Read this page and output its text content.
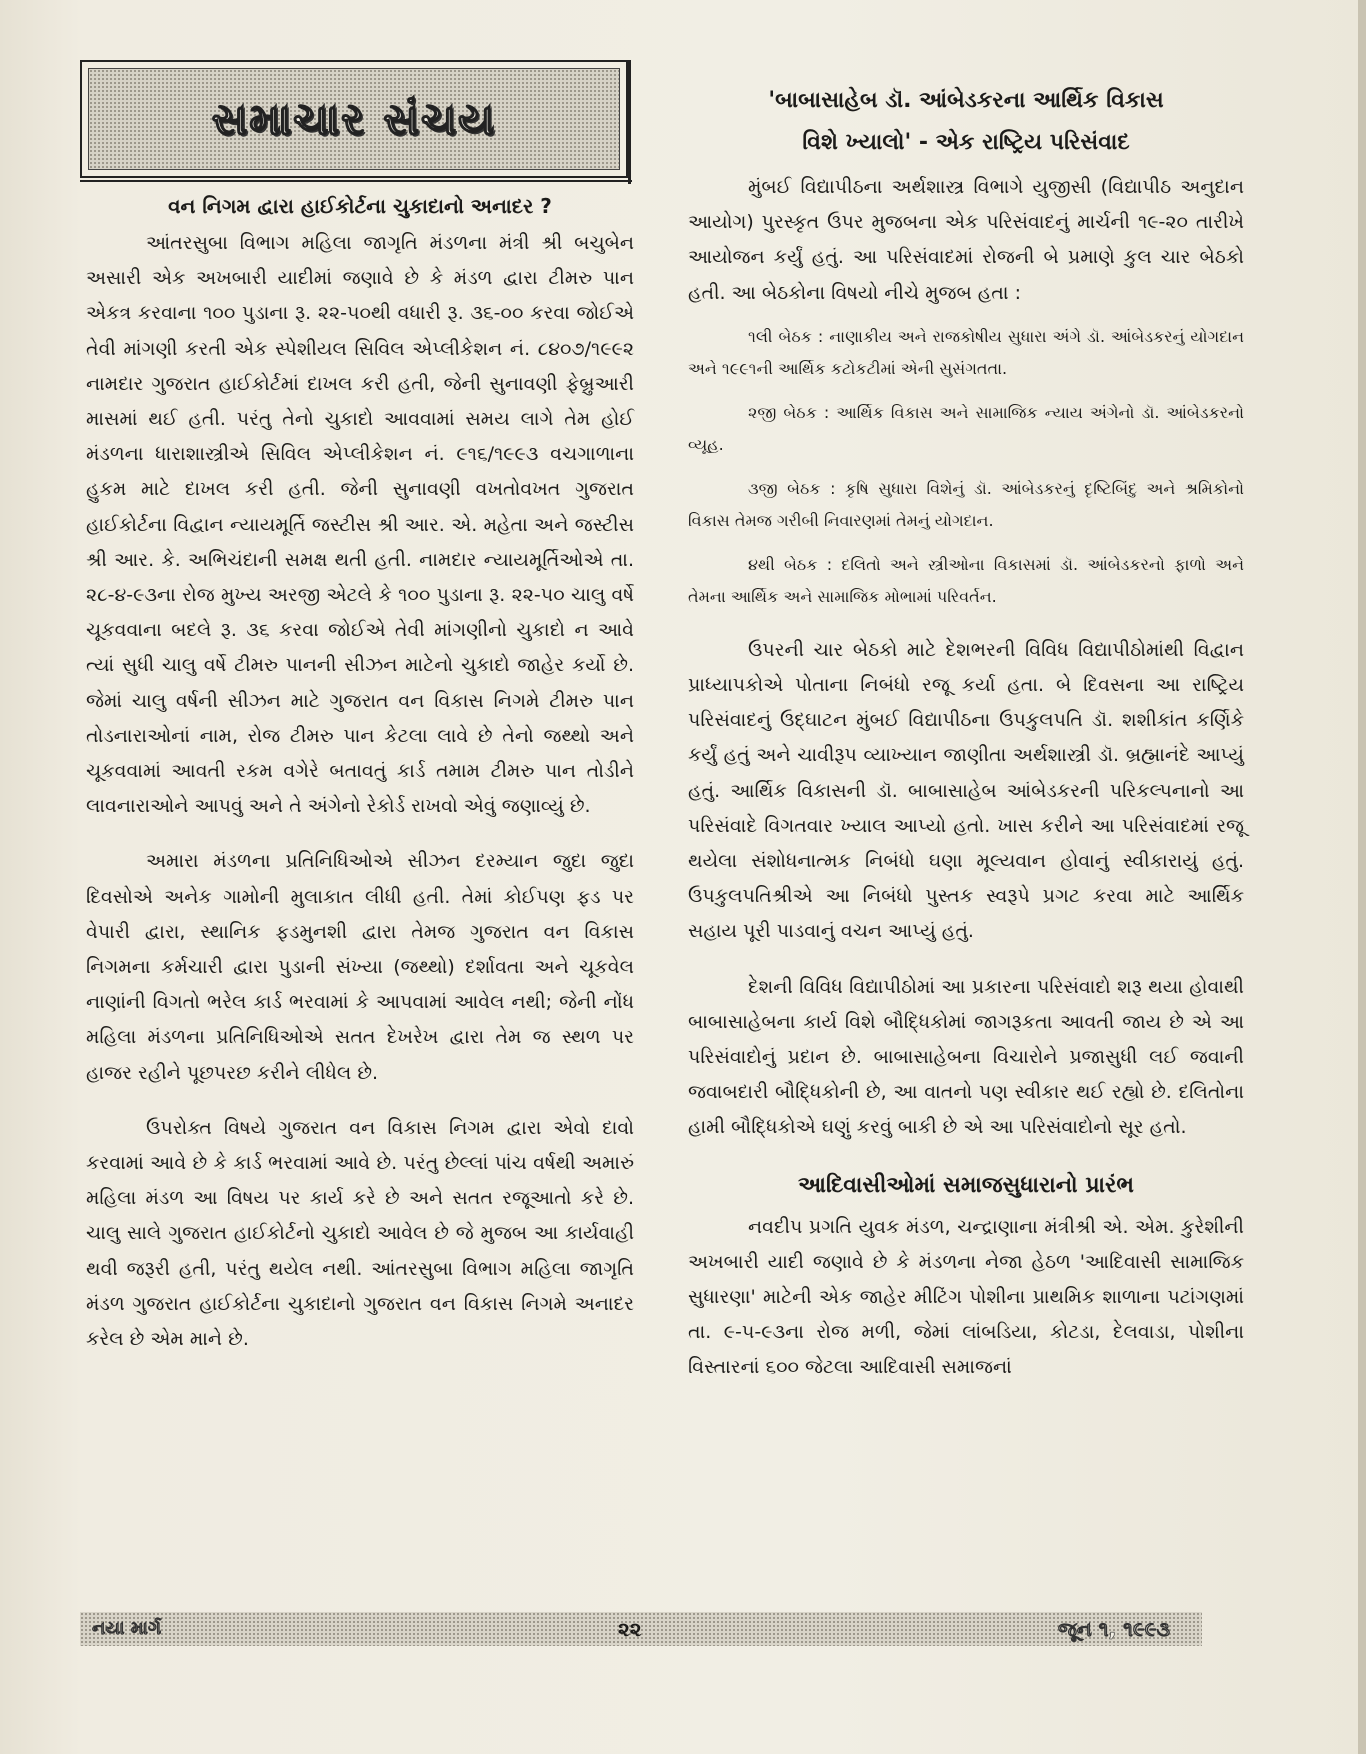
સમાચાર સંચય
વન નિગમ દ્વારા હાઈકોર્ટના ચુકાદાનો અનાદર ?

આંતરસુબા વિભાગ મહિલા જાગૃતિ મંડળના મંત્રી શ્રી બચુબેન અસારી એક અખબારી યાદીમાં જણાવે છે કે મંડળ દ્વારા ટીમરુ પાન એકત્ર કરવાના ૧૦૦ પુડાના રૂ. ૨૨-૫૦થી વધારી રૂ. ૩૬-૦૦ કરવા જોઈએ તેવી માંગણી કરતી એક સ્પેશીયલ સિવિલ એપ્લીકેશન નં. ૮૪૦૭/૧૯૯૨ નામદાર ગુજરાત હાઈકોર્ટમાં દાખલ કરી હતી, જેની સુનાવણી ફેબ્રુઆરી માસમાં થઈ હતી. પરંતુ તેનો ચુકાદો આવવામાં સમય લાગે તેમ હોઈ મંડળના ધારાશાસ્ત્રીએ સિવિલ એપ્લીકેશન નં. ૯૧૬/૧૯૯૩ વચગાળાના હુકમ માટે દાખલ કરી હતી. જેની સુનાવણી વખતોવખત ગુજરાત હાઈકોર્ટના વિદ્વાન ન્યાયમૂર્તિ જસ્ટીસ શ્રી આર. એ. મહેતા અને જસ્ટીસ શ્રી આર. કે. અભિચંદાની સમક્ષ થતી હતી. નામદાર ન્યાયમૂર્તિઓએ તા. ૨૮-૪-૯૩ના રોજ મુખ્ય અરજી એટલે કે ૧૦૦ પુડાના રૂ. ૨૨-૫૦ ચાલુ વર્ષે ચૂકવવાના બદલે રૂ. ૩૬ કરવા જોઈએ તેવી માંગણીનો ચુકાદો ન આવે ત્યાં સુધી ચાલુ વર્ષે ટીમરુ પાનની સીઝન માટેનો ચુકાદો જાહેર કર્યો છે. જેમાં ચાલુ વર્ષની સીઝન માટે ગુજરાત વન વિકાસ નિગમે ટીમરુ પાન તોડનારાઓનાં નામ, રોજ ટીમરુ પાન કેટલા લાવે છે તેનો જથ્થો અને ચૂકવવામાં આવતી રકમ વગેરે બતાવતું કાર્ડ તમામ ટીમરુ પાન તોડીને લાવનારાઓને આપવું અને તે અંગેનો રેકોર્ડ રાખવો એવું જણાવ્યું છે.

અમારા મંડળના પ્રતિનિધિઓએ સીઝન દરમ્યાન જુદા જુદા દિવસોએ અનેક ગામોની મુલાકાત લીધી હતી. તેમાં કોઈપણ ફડ પર વેપારી દ્વારા, સ્થાનિક ફડમુનશી દ્વારા તેમજ ગુજરાત વન વિકાસ નિગમના કર્મચારી દ્વારા પુડાની સંખ્યા (જથ્થો) દર્શાવતા અને ચૂકવેલ નાણાંની વિગતો ભરેલ કાર્ડ ભરવામાં કે આપવામાં આવેલ નથી; જેની નોંધ મહિલા મંડળના પ્રતિનિધિઓએ સતત દેખરેખ દ્વારા તેમ જ સ્થળ પર હાજર રહીને પૂછપરછ કરીને લીધેલ છે.

ઉપરોક્ત વિષયે ગુજરાત વન વિકાસ નિગમ દ્વારા એવો દાવો કરવામાં આવે છે કે કાર્ડ ભરવામાં આવે છે. પરંતુ છેલ્લાં પાંચ વર્ષથી અમારું મહિલા મંડળ આ વિષય પર કાર્ય કરે છે અને સતત રજૂઆતો કરે છે. ચાલુ સાલે ગુજરાત હાઈકોર્ટનો ચુકાદો આવેલ છે જે મુજબ આ કાર્યવાહી થવી જરૂરી હતી, પરંતુ થયેલ નથી. આંતરસુબા વિભાગ મહિલા જાગૃતિ મંડળ ગુજરાત હાઈકોર્ટના ચુકાદાનો ગુજરાત વન વિકાસ નિગમે અનાદર કરેલ છે એમ માને છે.

'બાબાસાહેબ ડૉ. આંબેડકરના આર્થિક વિકાસ
વિશે ખ્યાલો' - એક રાષ્ટ્રિય પરિસંવાદ

મુંબઈ વિદ્યાપીઠના અર્થશાસ્ત્ર વિભાગે યુજીસી (વિદ્યાપીઠ અનુદાન આયોગ) પુરસ્કૃત ઉપર મુજબના એક પરિસંવાદનું માર્ચની ૧૯-૨૦ તારીખે આયોજન કર્યું હતું. આ પરિસંવાદમાં રોજની બે પ્રમાણે કુલ ચાર બેઠકો હતી. આ બેઠકોના વિષયો નીચે મુજબ હતા :

૧લી બેઠક : નાણાકીય અને રાજકોષીય સુધારા અંગે ડૉ. આંબેડકરનું યોગદાન અને ૧૯૯૧ની આર્થિક કટોકટીમાં એની સુસંગતતા.

૨જી બેઠક : આર્થિક વિકાસ અને સામાજિક ન્યાય અંગેનો ડૉ. આંબેડકરનો વ્યૂહ.

૩જી બેઠક : કૃષિ સુધારા વિશેનું ડૉ. આંબેડકરનું દૃષ્ટિબિંદુ અને શ્રમિકોનો વિકાસ તેમજ ગરીબી નિવારણમાં તેમનું યોગદાન.

૪થી બેઠક : દલિતો અને સ્ત્રીઓના વિકાસમાં ડૉ. આંબેડકરનો ફાળો અને તેમના આર્થિક અને સામાજિક મોભામાં પરિવર્તન.

ઉપરની ચાર બેઠકો માટે દેશભરની વિવિધ વિદ્યાપીઠોમાંથી વિદ્વાન પ્રાધ્યાપકોએ પોતાના નિબંધો રજૂ કર્યા હતા. બે દિવસના આ રાષ્ટ્રિય પરિસંવાદનું ઉદ્ઘાટન મુંબઈ વિદ્યાપીઠના ઉપકુલપતિ ડૉ. શશીકાંત કર્ણિકે કર્યું હતું અને ચાવીરૂપ વ્યાખ્યાન જાણીતા અર્થશાસ્ત્રી ડૉ. બ્રહ્માનંદે આપ્યું હતું. આર્થિક વિકાસની ડૉ. બાબાસાહેબ આંબેડકરની પરિકલ્પનાનો આ પરિસંવાદે વિગતવાર ખ્યાલ આપ્યો હતો. ખાસ કરીને આ પરિસંવાદમાં રજૂ થયેલા સંશોધનાત્મક નિબંધો ઘણા મૂલ્યવાન હોવાનું સ્વીકારાયું હતું. ઉપકુલપતિશ્રીએ આ નિબંધો પુસ્તક સ્વરૂપે પ્રગટ કરવા માટે આર્થિક સહાય પૂરી પાડવાનું વચન આપ્યું હતું.

દેશની વિવિધ વિદ્યાપીઠોમાં આ પ્રકારના પરિસંવાદો શરૂ થયા હોવાથી બાબાસાહેબના કાર્ય વિશે બૌદ્ધિકોમાં જાગરૂકતા આવતી જાય છે એ આ પરિસંવાદોનું પ્રદાન છે. બાબાસાહેબના વિચારોને પ્રજાસુધી લઈ જવાની જવાબદારી બૌદ્ધિકોની છે, આ વાતનો પણ સ્વીકાર થઈ રહ્યો છે. દલિતોના હામી બૌદ્ધિકોએ ઘણું કરવું બાકી છે એ આ પરિસંવાદોનો સૂર હતો.

આદિવાસીઓમાં સમાજસુધારાનો પ્રારંભ

નવદીપ પ્રગતિ યુવક મંડળ, ચન્દ્રાણાના મંત્રીશ્રી એ. એમ. કુરેશીની અખબારી યાદી જણાવે છે કે મંડળના નેજા હેઠળ 'આદિવાસી સામાજિક સુધારણા' માટેની એક જાહેર મીટિંગ પોશીના પ્રાથમિક શાળાના પટાંગણમાં તા. ૯-૫-૯૩ના રોજ મળી, જેમાં લાંબડિયા, કોટડા, દેલવાડા, પોશીના વિસ્તારનાં ૬૦૦ જેટલા આદિવાસી સમાજનાં

નયા માર્ગ	૨૨	જૂન ૧, ૧૯૯૩
